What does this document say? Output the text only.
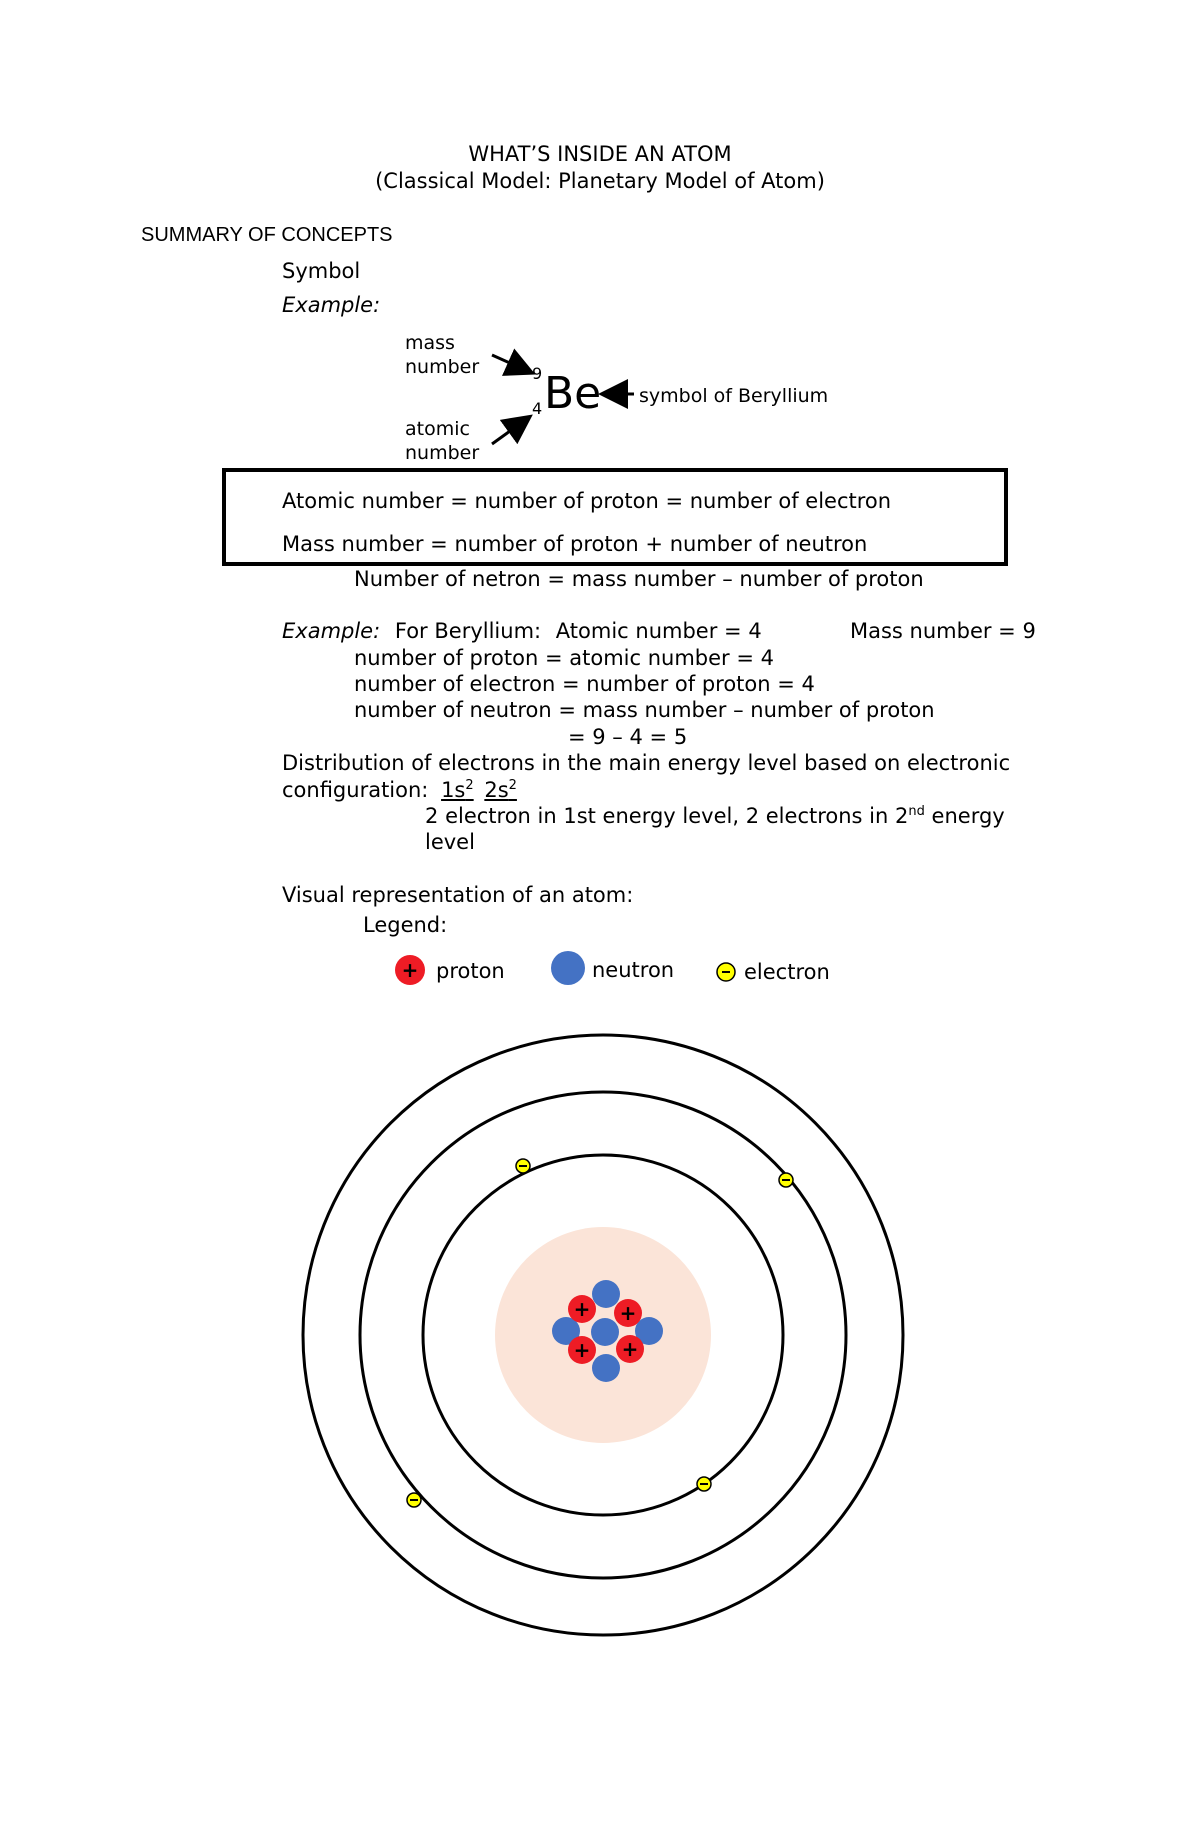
WHAT’S INSIDE AN ATOM
(Classical Model: Planetary Model of Atom)
SUMMARY OF CONCEPTS
Symbol
Example:
mass
number	9
4 Be symbol of Beryllium
atomic
number
Atomic number = number of proton = number of electron
Mass number = number of proton + number of neutron
Number of netron = mass number – number of proton
Example: For Beryllium: Atomic number = 4	Mass number = 9
number of proton = atomic number = 4
number of electron = number of proton = 4
number of neutron = mass number – number of proton
= 9 – 4 = 5
Distribution of electrons in the main energy level based on electronic
configuration: $1s^2$ $2s^2$
2 electron in 1st energy level, 2 electrons in 2nd energy
level
Visual representation of an atom:
Legend:
+ proton	neutron	electron
+ +
+ +
